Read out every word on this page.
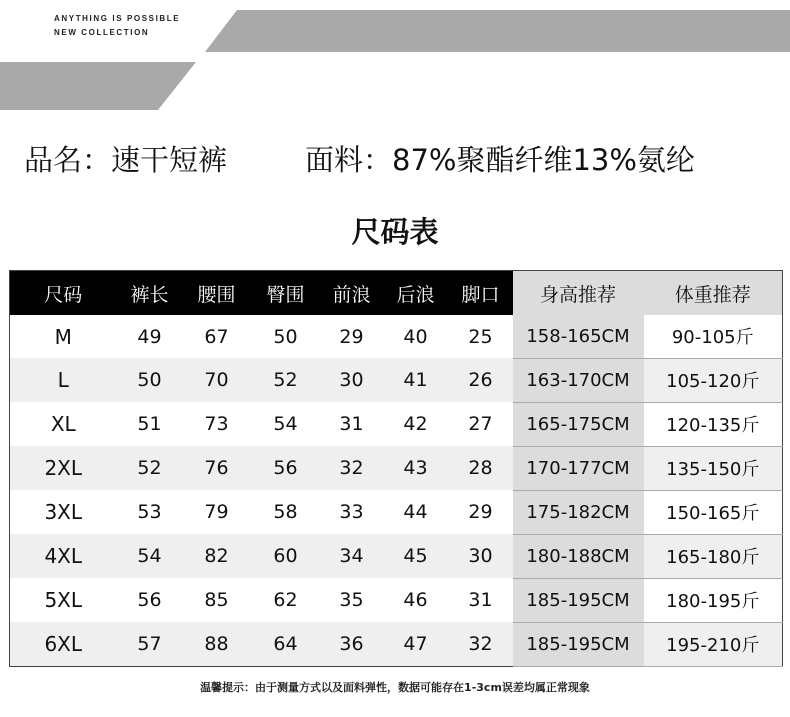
ANYTHING IS POSSIBLE
NEW COLLECTION
品名：速干短裤	面料：87%聚酯纤维13%氨纶
尺码表
尺码	裤长	腰围	臀围	前浪	后浪	脚口	身高推荐	体重推荐
M	49	67	50	29	40	25	158-165CM	90-105斤
L	50	70	52	30	41	26	163-170CM	105-120斤
XL	51	73	54	31	42	27	165-175CM	120-135斤
2XL	52	76	56	32	43	28	170-177CM	135-150斤
3XL	53	79	58	33	44	29	175-182CM	150-165斤
4XL	54	82	60	34	45	30	180-188CM	165-180斤
5XL	56	85	62	35	46	31	185-195CM	180-195斤
6XL	57	88	64	36	47	32	185-195CM	195-210斤
温馨提示：由于测量方式以及面料弹性，数据可能存在1-3cm误差均属正常现象
